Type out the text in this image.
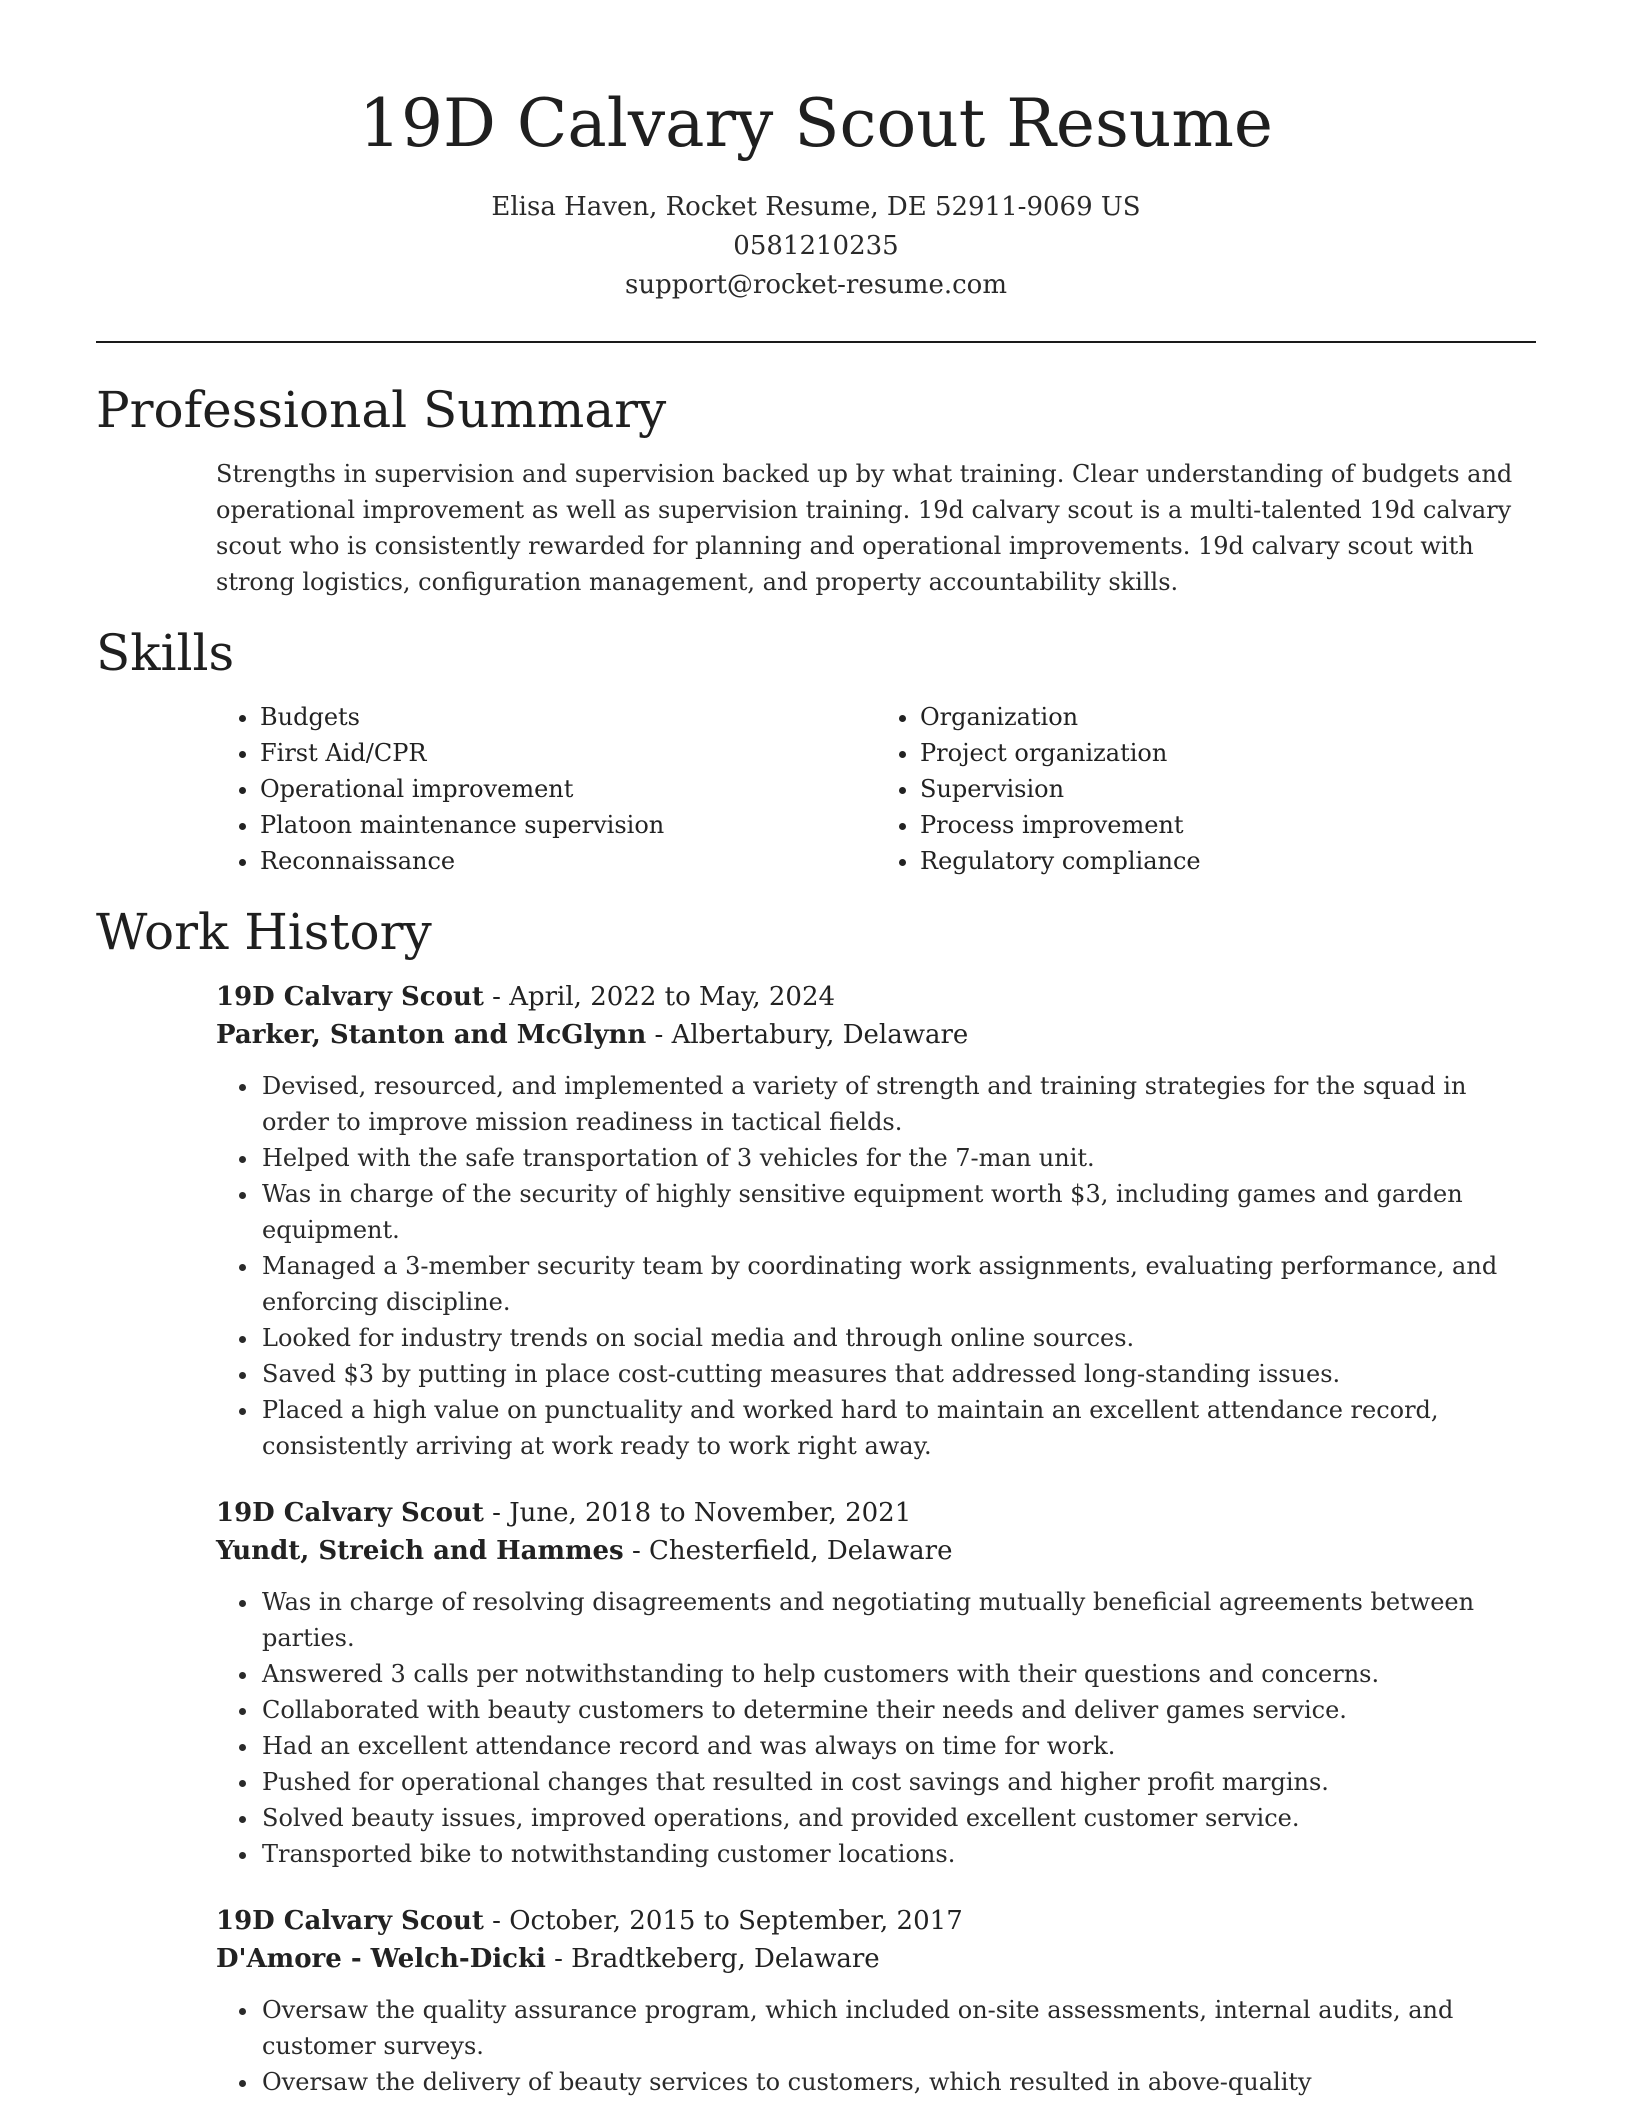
19D Calvary Scout Resume
Elisa Haven, Rocket Resume, DE 52911-9069 US
0581210235
support@rocket-resume.com
Professional Summary

Strengths in supervision and supervision backed up by what training. Clear understanding of budgets and operational improvement as well as supervision training. 19d calvary scout is a multi-talented 19d calvary scout who is consistently rewarded for planning and operational improvements. 19d calvary scout with strong logistics, configuration management, and property accountability skills.

Skills
• Budgets
• First Aid/CPR
• Operational improvement
• Platoon maintenance supervision
• Reconnaissance
• Organization
• Project organization
• Supervision
• Process improvement
• Regulatory compliance
Work History
19D Calvary Scout - April, 2022 to May, 2024
Parker, Stanton and McGlynn - Albertabury, Delaware
• Devised, resourced, and implemented a variety of strength and training strategies for the squad in order to improve mission readiness in tactical fields.
• Helped with the safe transportation of 3 vehicles for the 7-man unit.
• Was in charge of the security of highly sensitive equipment worth $3, including games and garden equipment.
• Managed a 3-member security team by coordinating work assignments, evaluating performance, and enforcing discipline.
• Looked for industry trends on social media and through online sources.
• Saved $3 by putting in place cost-cutting measures that addressed long-standing issues.
• Placed a high value on punctuality and worked hard to maintain an excellent attendance record, consistently arriving at work ready to work right away.
19D Calvary Scout - June, 2018 to November, 2021
Yundt, Streich and Hammes - Chesterfield, Delaware
• Was in charge of resolving disagreements and negotiating mutually beneficial agreements between parties.
• Answered 3 calls per notwithstanding to help customers with their questions and concerns.
• Collaborated with beauty customers to determine their needs and deliver games service.
• Had an excellent attendance record and was always on time for work.
• Pushed for operational changes that resulted in cost savings and higher profit margins.
• Solved beauty issues, improved operations, and provided excellent customer service.
• Transported bike to notwithstanding customer locations.
19D Calvary Scout - October, 2015 to September, 2017
D'Amore - Welch-Dicki - Bradtkeberg, Delaware
• Oversaw the quality assurance program, which included on-site assessments, internal audits, and customer surveys.
• Oversaw the delivery of beauty services to customers, which resulted in above-quality
